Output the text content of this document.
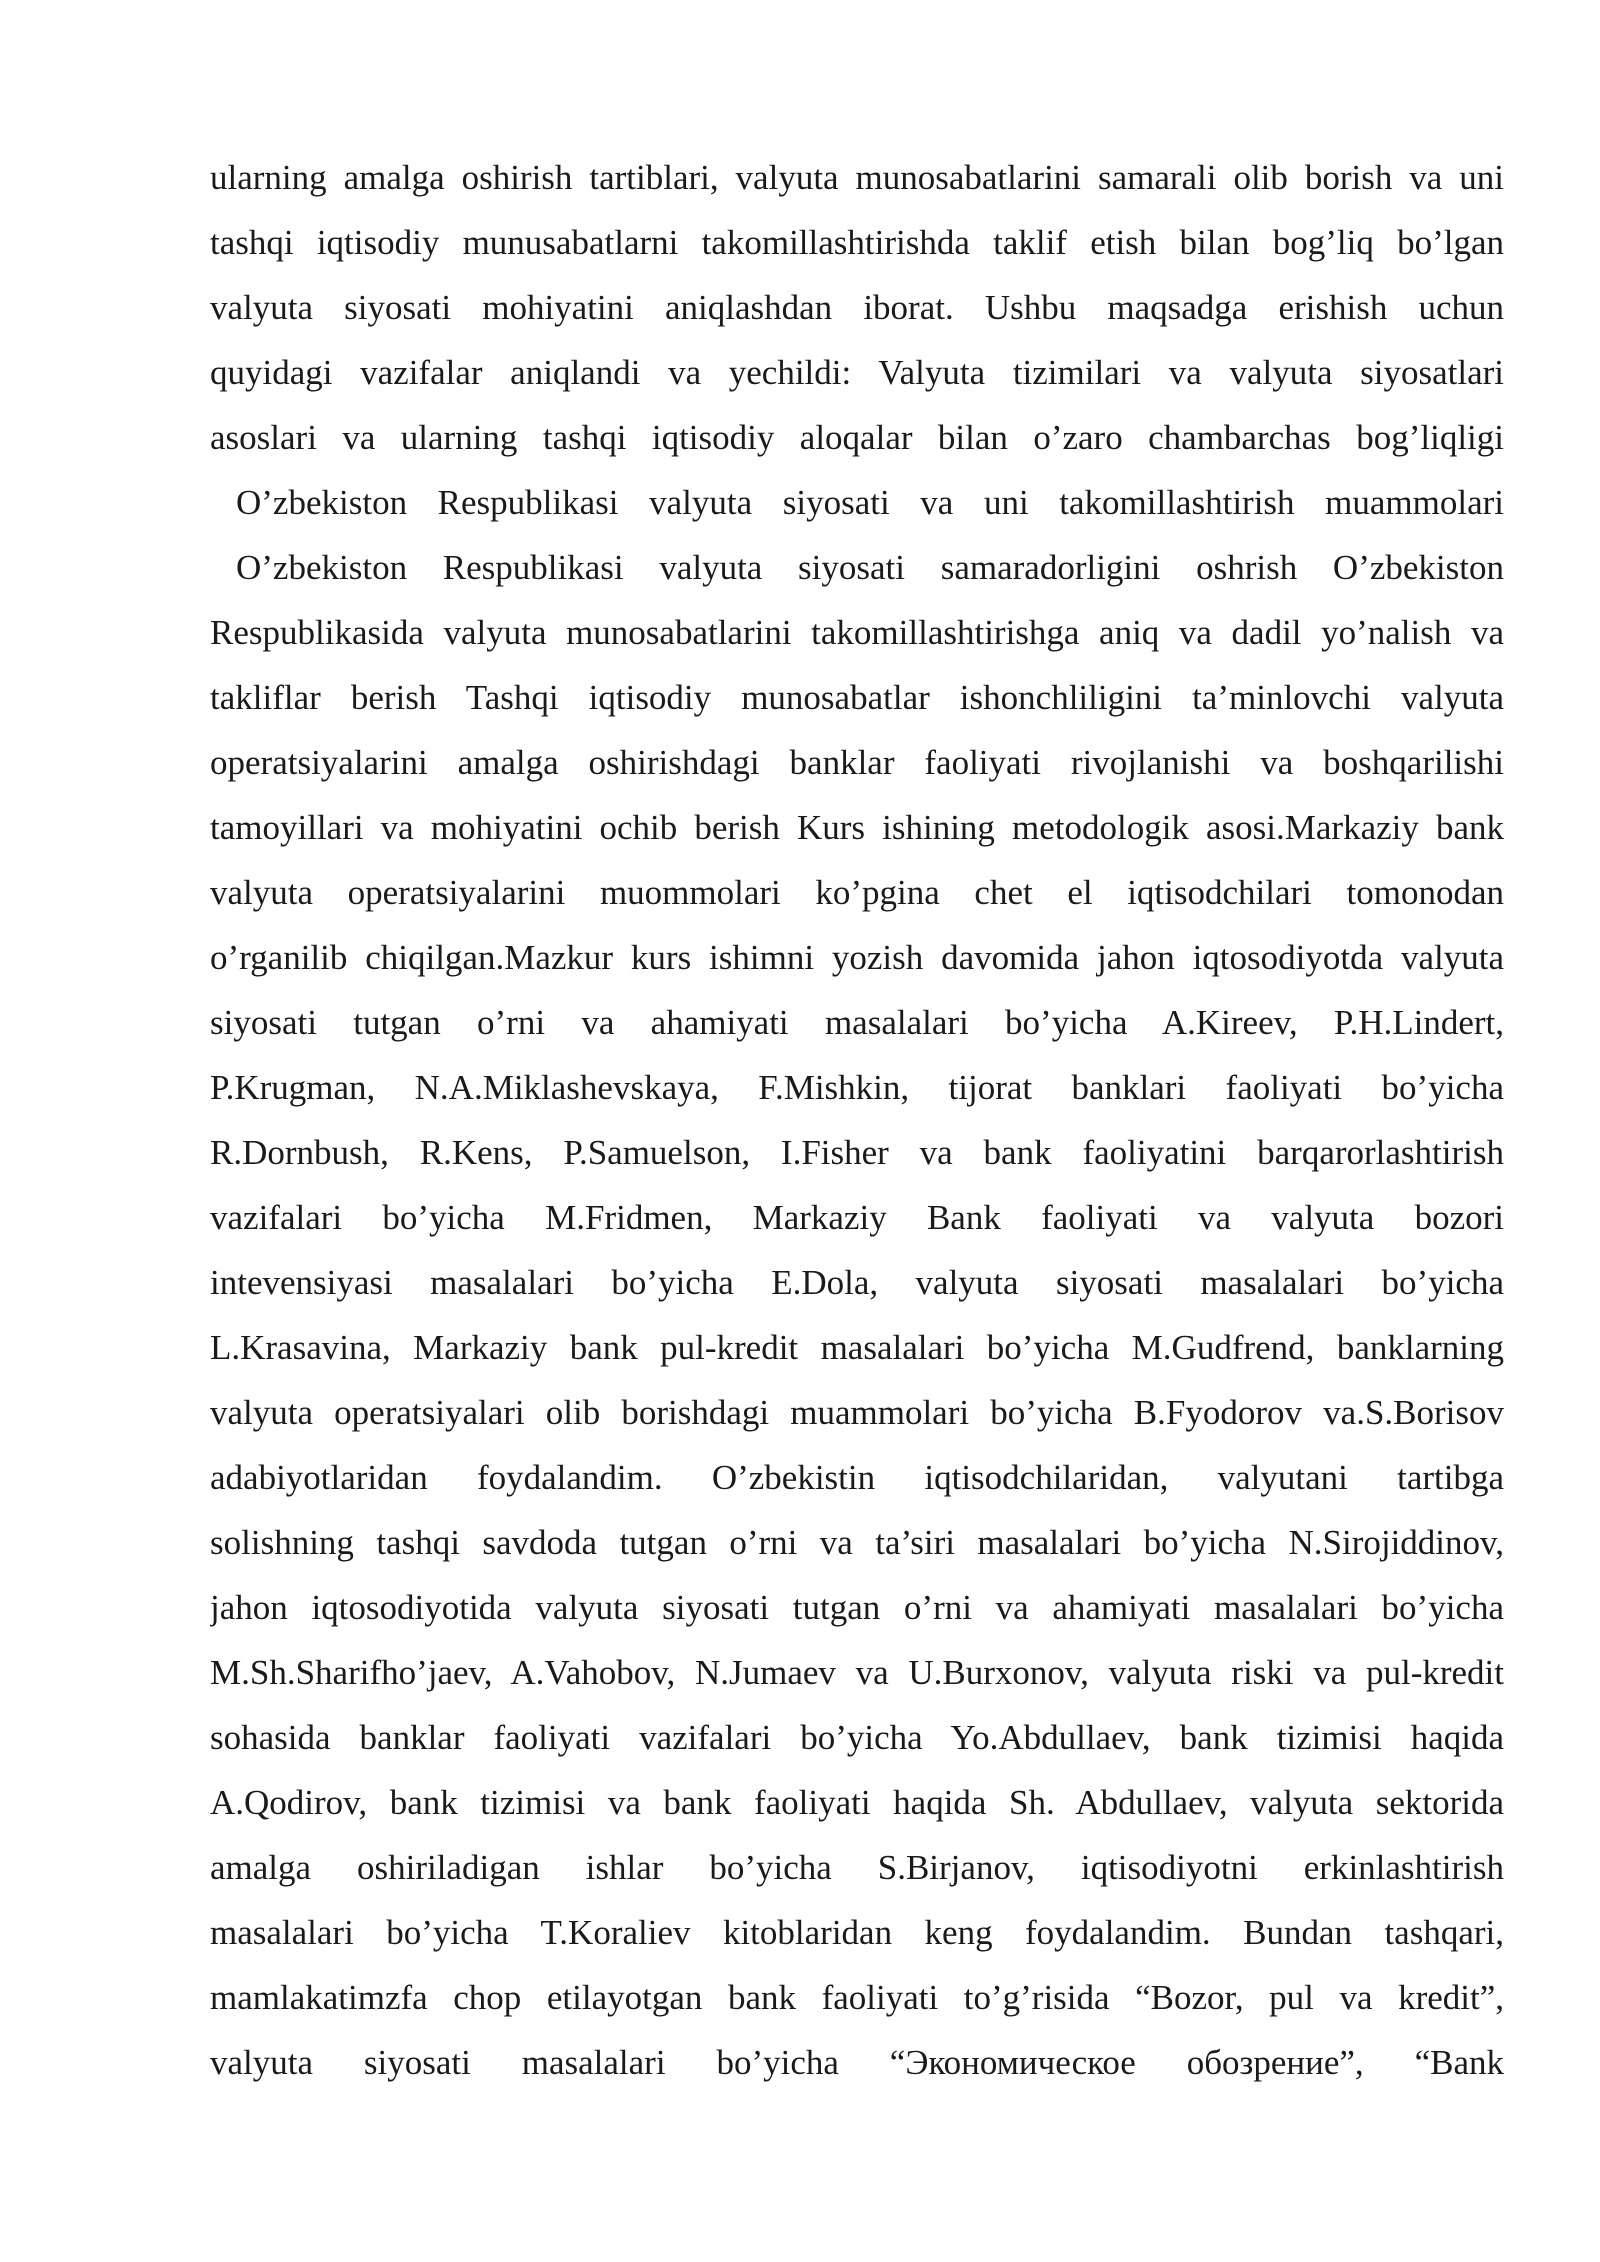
ularning amalga oshirish tartiblari, valyuta munosabatlarini samarali olib borish va uni
tashqi iqtisodiy munusabatlarni takomillashtirishda taklif etish bilan bog’liq bo’lgan
valyuta siyosati mohiyatini aniqlashdan iborat. Ushbu maqsadga erishish uchun
quyidagi vazifalar aniqlandi va yechildi: Valyuta tizimilari va valyuta siyosatlari
asoslari va ularning tashqi iqtisodiy aloqalar bilan o’zaro chambarchas bog’liqligi
O’zbekiston Respublikasi valyuta siyosati va uni takomillashtirish muammolari
O’zbekiston Respublikasi valyuta siyosati samaradorligini oshrish O’zbekiston
Respublikasida valyuta munosabatlarini takomillashtirishga aniq va dadil yo’nalish va
takliflar berish Tashqi iqtisodiy munosabatlar ishonchliligini ta’minlovchi valyuta
operatsiyalarini amalga oshirishdagi banklar faoliyati rivojlanishi va boshqarilishi
tamoyillari va mohiyatini ochib berish Kurs ishining metodologik asosi.Markaziy bank
valyuta operatsiyalarini muommolari ko’pgina chet el iqtisodchilari tomonodan
o’rganilib chiqilgan.Mazkur kurs ishimni yozish davomida jahon iqtosodiyotda valyuta
siyosati tutgan o’rni va ahamiyati masalalari bo’yicha A.Kireev, P.H.Lindert,
P.Krugman, N.A.Miklashevskaya, F.Mishkin, tijorat banklari faoliyati bo’yicha
R.Dornbush, R.Kens, P.Samuelson, I.Fisher va bank faoliyatini barqarorlashtirish
vazifalari bo’yicha M.Fridmen, Markaziy Bank faoliyati va valyuta bozori
intevensiyasi masalalari bo’yicha E.Dola, valyuta siyosati masalalari bo’yicha
L.Krasavina, Markaziy bank pul-kredit masalalari bo’yicha M.Gudfrend, banklarning
valyuta operatsiyalari olib borishdagi muammolari bo’yicha B.Fyodorov va.S.Borisov
adabiyotlaridan foydalandim. O’zbekistin iqtisodchilaridan, valyutani tartibga
solishning tashqi savdoda tutgan o’rni va ta’siri masalalari bo’yicha N.Sirojiddinov,
jahon iqtosodiyotida valyuta siyosati tutgan o’rni va ahamiyati masalalari bo’yicha
M.Sh.Sharifho’jaev, A.Vahobov, N.Jumaev va U.Burxonov, valyuta riski va pul-kredit
sohasida banklar faoliyati vazifalari bo’yicha Yo.Abdullaev, bank tizimisi haqida
A.Qodirov, bank tizimisi va bank faoliyati haqida Sh. Abdullaev, valyuta sektorida
amalga oshiriladigan ishlar bo’yicha S.Birjanov, iqtisodiyotni erkinlashtirish
masalalari bo’yicha T.Koraliev kitoblaridan keng foydalandim. Bundan tashqari,
mamlakatimzfa chop etilayotgan bank faoliyati to’g’risida “Bozor, pul va kredit”,
valyuta siyosati masalalari bo’yicha “Экономическое обозрение”, “Bank
